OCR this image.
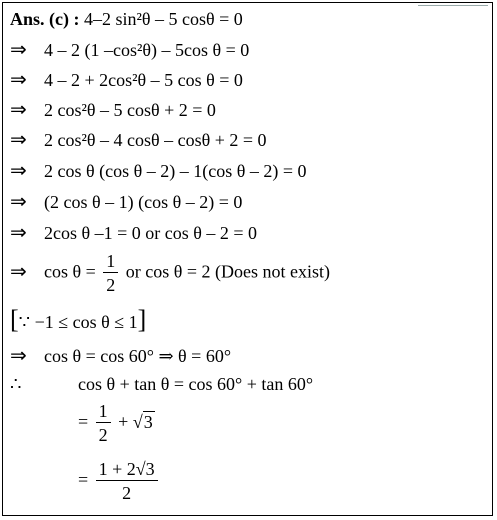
Ans. (c) : 4–2 sin²θ – 5 cosθ = 0
⇒ 4 – 2 (1 –cos²θ) – 5cos θ = 0
⇒ 4 – 2 + 2cos²θ – 5 cos θ = 0
⇒ 2 cos²θ – 5 cosθ + 2 = 0
⇒ 2 cos²θ – 4 cosθ – cosθ + 2 = 0
⇒ 2 cos θ (cos θ – 2) – 1(cos θ – 2) = 0
⇒ (2 cos θ – 1) (cos θ – 2) = 0
⇒ 2cos θ –1 = 0 or cos θ – 2 = 0
⇒ $\cos \theta = \frac{1}{2}$ or cos θ = 2 (Does not exist)
[∵ −1 ≤ cos θ ≤ 1]
⇒ cos θ = cos 60° ⇒ θ = 60°
∴	cos θ + tan θ = cos 60° + tan 60°
= $\frac{1}{2} + √3$
= $\frac{1 + 2√3}{2}$
